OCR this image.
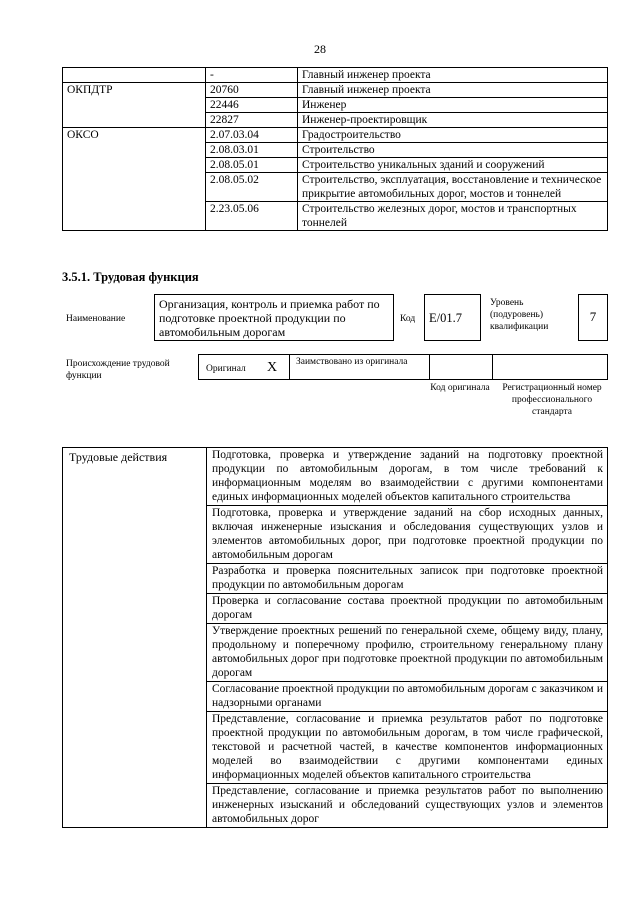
28
	-	Главный инженер проекта
ОКПДТР	20760	Главный инженер проекта
	22446	Инженер
	22827	Инженер-проектировщик
ОКСО	2.07.03.04	Градостроительство
	2.08.03.01	Строительство
	2.08.05.01	Строительство уникальных зданий и сооружений
	2.08.05.02	Строительство, эксплуатация, восстановление и техническое прикрытие автомобильных дорог, мостов и тоннелей
	2.23.05.06	Строительство железных дорог, мостов и транспортных тоннелей
3.5.1. Трудовая функция
Наименование
Организация, контроль и приемка работ по подготовке проектной продукции по автомобильным дорогам
Код	E/01.7
Уровень (подуровень) квалификации
7
Происхождение трудовой функции
Оригинал X Заимствовано из оригинала
Код оригинала Регистрационный номер профессионального стандарта
Трудовые действия	Подготовка, проверка и утверждение заданий на подготовку проектной продукции по автомобильным дорогам, в том числе требований к информационным моделям во взаимодействии с другими компонентами единых информационных моделей объектов капитального строительства
Подготовка, проверка и утверждение заданий на сбор исходных данных, включая инженерные изыскания и обследования существующих узлов и элементов автомобильных дорог, при подготовке проектной продукции по автомобильным дорогам
Разработка и проверка пояснительных записок при подготовке проектной продукции по автомобильным дорогам
Проверка и согласование состава проектной продукции по автомобильным дорогам
Утверждение проектных решений по генеральной схеме, общему виду, плану, продольному и поперечному профилю, строительному генеральному плану автомобильных дорог при подготовке проектной продукции по автомобильным дорогам
Согласование проектной продукции по автомобильным дорогам с заказчиком и надзорными органами
Представление, согласование и приемка результатов работ по подготовке проектной продукции по автомобильным дорогам, в том числе графической, текстовой и расчетной частей, в качестве компонентов информационных моделей во взаимодействии с другими компонентами единых информационных моделей объектов капитального строительства
Представление, согласование и приемка результатов работ по выполнению инженерных изысканий и обследований существующих узлов и элементов автомобильных дорог
